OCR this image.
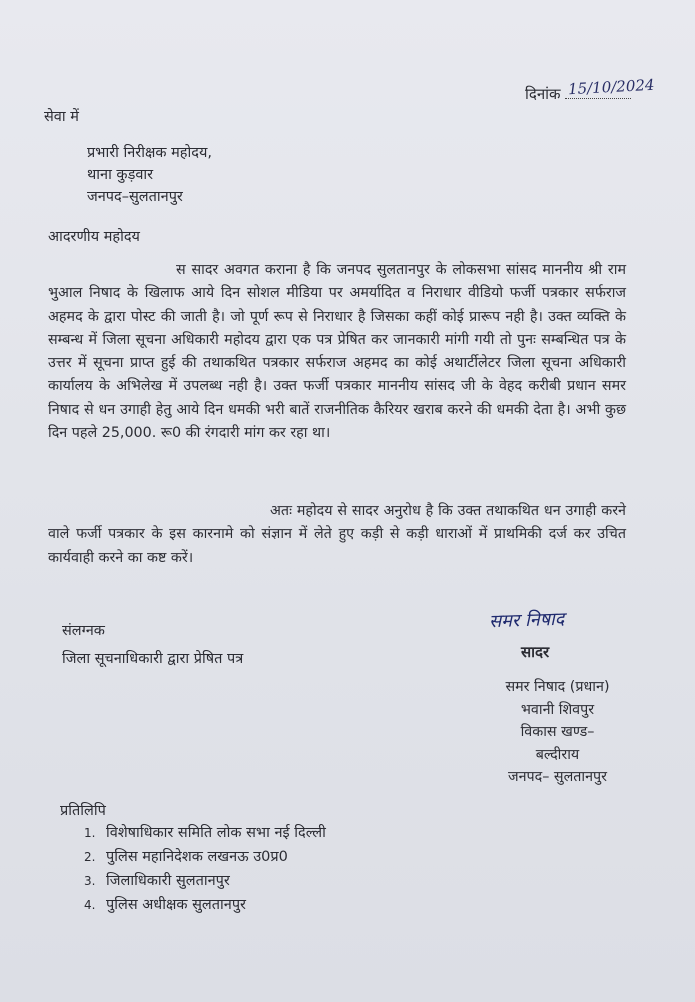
दिनांक 15/10/2024
सेवा में
प्रभारी निरीक्षक महोदय,
थाना कुड़वार
जनपद–सुलतानपुर
आदरणीय महोदय
स सादर अवगत कराना है कि जनपद सुलतानपुर के लोकसभा सांसद माननीय श्री राम भुआल निषाद के खिलाफ आये दिन सोशल मीडिया पर अमर्यादित व निराधार वीडियो फर्जी पत्रकार सर्फराज अहमद के द्वारा पोस्ट की जाती है। जो पूर्ण रूप से निराधार है जिसका कहीं कोई प्रारूप नही है। उक्त व्यक्ति के सम्बन्ध में जिला सूचना अधिकारी महोदय द्वारा एक पत्र प्रेषित कर जानकारी मांगी गयी तो पुनः सम्बन्धित पत्र के उत्तर में सूचना प्राप्त हुई की तथाकथित पत्रकार सर्फराज अहमद का कोई अथार्टीलेटर जिला सूचना अधिकारी कार्यालय के अभिलेख में उपलब्ध नही है। उक्त फर्जी पत्रकार माननीय सांसद जी के वेहद करीबी प्रधान समर निषाद से धन उगाही हेतु आये दिन धमकी भरी बातें राजनीतिक कैरियर खराब करने की धमकी देता है। अभी कुछ दिन पहले 25,000. रू0 की रंगदारी मांग कर रहा था।
अतः महोदय से सादर अनुरोध है कि उक्त तथाकथित धन उगाही करने वाले फर्जी पत्रकार के इस कारनामे को संज्ञान में लेते हुए कड़ी से कड़ी धाराओं में प्राथमिकी दर्ज कर उचित कार्यवाही करने का कष्ट करें।
संलग्नक
जिला सूचनाधिकारी द्वारा प्रेषित पत्र
समर निषाद
सादर
समर निषाद (प्रधान)
भवानी शिवपुर
विकास खण्ड–
बल्दीराय
जनपद– सुलतानपुर
प्रतिलिपि
1. विशेषाधिकार समिति लोक सभा नई दिल्ली
2. पुलिस महानिदेशक लखनऊ उ0प्र0
3. जिलाधिकारी सुलतानपुर
4. पुलिस अधीक्षक सुलतानपुर
